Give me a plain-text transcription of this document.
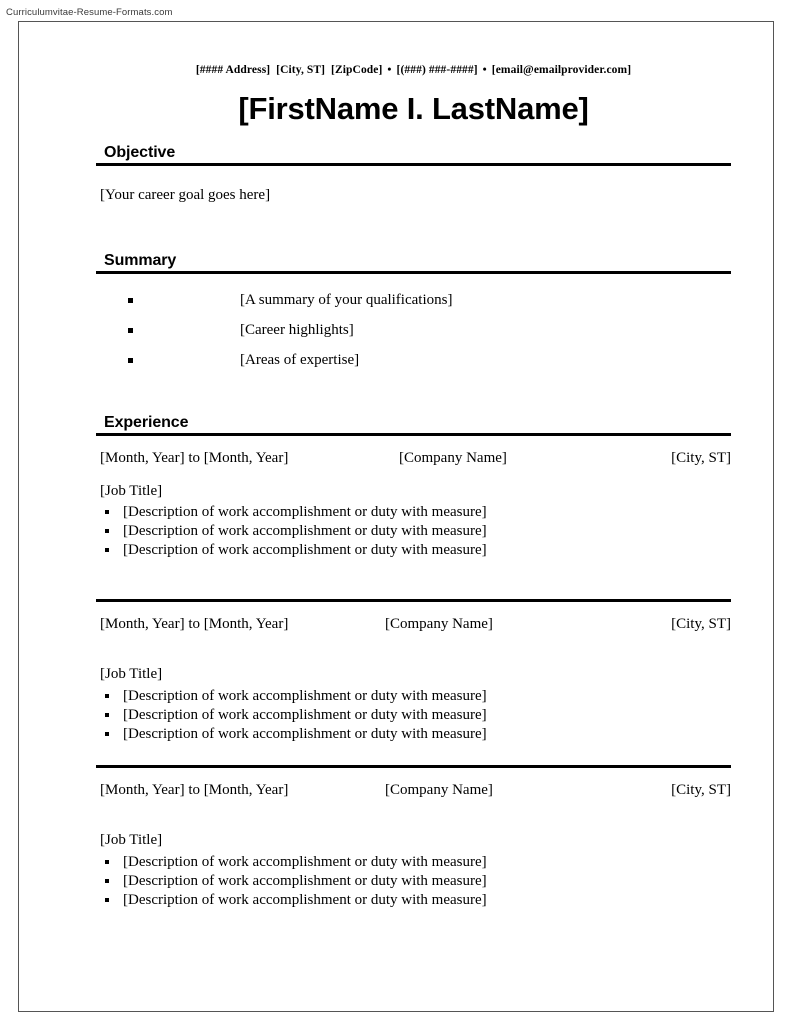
Curriculumvitae-Resume-Formats.com
[#### Address] [City, ST] [ZipCode] • [(###) ###-####] • [email@emailprovider.com]
[FirstName I. LastName]
Objective
[Your career goal goes here]
Summary
[A summary of your qualifications]
[Career highlights]
[Areas of expertise]
Experience
[Month, Year] to [Month, Year]	[Company Name]	[City, ST]
[Job Title]
[Description of work accomplishment or duty with measure]
[Description of work accomplishment or duty with measure]
[Description of work accomplishment or duty with measure]
[Month, Year] to [Month, Year]	[Company Name]	[City, ST]
[Job Title]
[Description of work accomplishment or duty with measure]
[Description of work accomplishment or duty with measure]
[Description of work accomplishment or duty with measure]
[Month, Year] to [Month, Year]	[Company Name]	[City, ST]
[Job Title]
[Description of work accomplishment or duty with measure]
[Description of work accomplishment or duty with measure]
[Description of work accomplishment or duty with measure]
